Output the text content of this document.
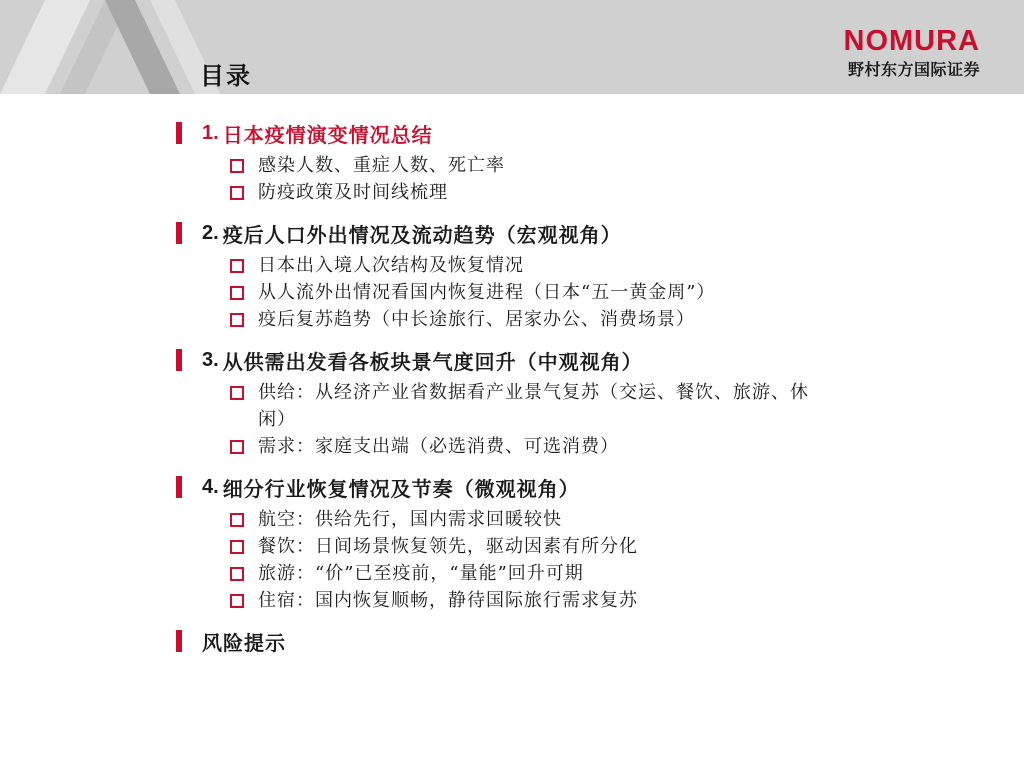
目录
NOMURA
野村东方国际证券
1. 日本疫情演变情况总结
感染人数、重症人数、死亡率
防疫政策及时间线梳理
2. 疫后人口外出情况及流动趋势（宏观视角）
日本出入境人次结构及恢复情况
从人流外出情况看国内恢复进程（日本“五一黄金周”）
疫后复苏趋势（中长途旅行、居家办公、消费场景）
3. 从供需出发看各板块景气度回升（中观视角）
供给：从经济产业省数据看产业景气复苏（交运、餐饮、旅游、休闲）
需求：家庭支出端（必选消费、可选消费）
4. 细分行业恢复情况及节奏（微观视角）
航空：供给先行，国内需求回暖较快
餐饮：日间场景恢复领先，驱动因素有所分化
旅游：“价”已至疫前，“量能”回升可期
住宿：国内恢复顺畅，静待国际旅行需求复苏
风险提示
